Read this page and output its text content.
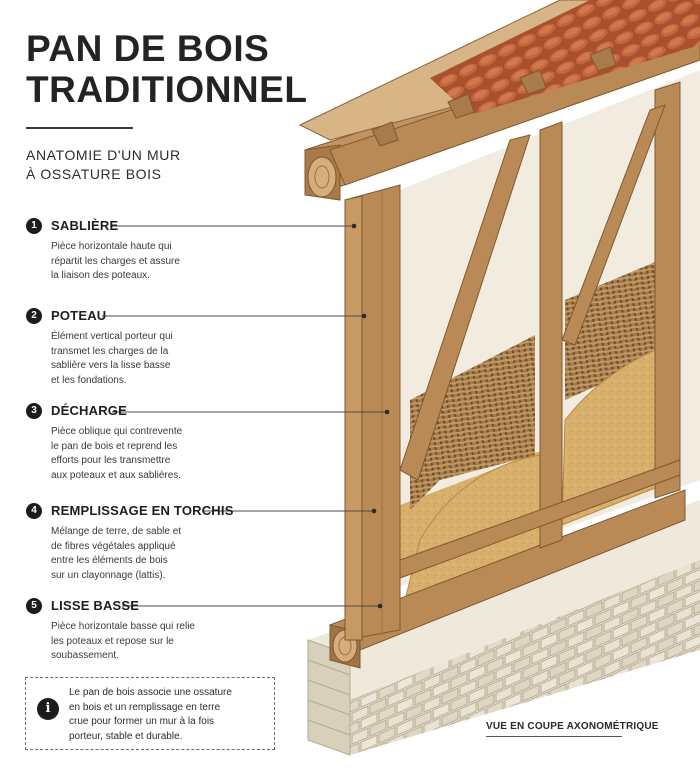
PAN DE BOIS
TRADITIONNEL
ANATOMIE D'UN MUR
À OSSATURE BOIS
1	SABLIÈRE
Pièce horizontale haute qui
répartit les charges et assure
la liaison des poteaux.
2	POTEAU
Élément vertical porteur qui
transmet les charges de la
sablière vers la lisse basse
et les fondations.
3	DÉCHARGE
Pièce oblique qui contrevente
le pan de bois et reprend les
efforts pour les transmettre
aux poteaux et aux sablières.
4	REMPLISSAGE EN TORCHIS
Mélange de terre, de sable et
de fibres végétales appliqué
entre les éléments de bois
sur un clayonnage (lattis).
5	LISSE BASSE
Pièce horizontale basse qui relie
les poteaux et repose sur le
soubassement.
i
Le pan de bois associe une ossature
en bois et un remplissage en terre
crue pour former un mur à la fois
porteur, stable et durable.
VUE EN COUPE AXONOMÉTRIQUE
